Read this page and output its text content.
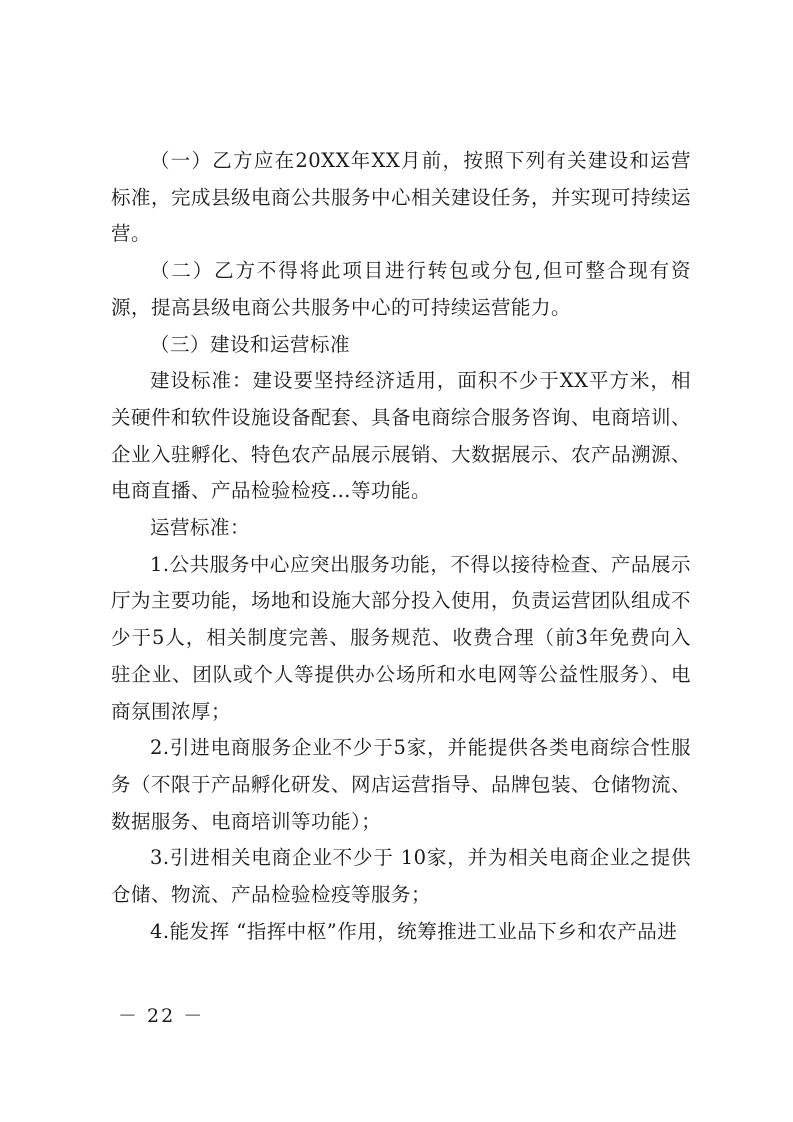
（一）乙方应在20XX年XX月前，按照下列有关建设和运营标准，完成县级电商公共服务中心相关建设任务，并实现可持续运营。

（二）乙方不得将此项目进行转包或分包,但可整合现有资源，提高县级电商公共服务中心的可持续运营能力。

（三）建设和运营标准

建设标准：建设要坚持经济适用，面积不少于XX平方米，相关硬件和软件设施设备配套、具备电商综合服务咨询、电商培训、企业入驻孵化、特色农产品展示展销、大数据展示、农产品溯源、电商直播、产品检验检疫…等功能。

运营标准：

1.公共服务中心应突出服务功能，不得以接待检查、产品展示厅为主要功能，场地和设施大部分投入使用，负责运营团队组成不少于5人，相关制度完善、服务规范、收费合理（前3年免费向入驻企业、团队或个人等提供办公场所和水电网等公益性服务）、电商氛围浓厚；

2.引进电商服务企业不少于5家，并能提供各类电商综合性服务（不限于产品孵化研发、网店运营指导、品牌包装、仓储物流、数据服务、电商培训等功能）；

3.引进相关电商企业不少于 10家，并为相关电商企业之提供仓储、物流、产品检验检疫等服务；

4.能发挥 “指挥中枢”作用，统筹推进工业品下乡和农产品进

－ 22 －
